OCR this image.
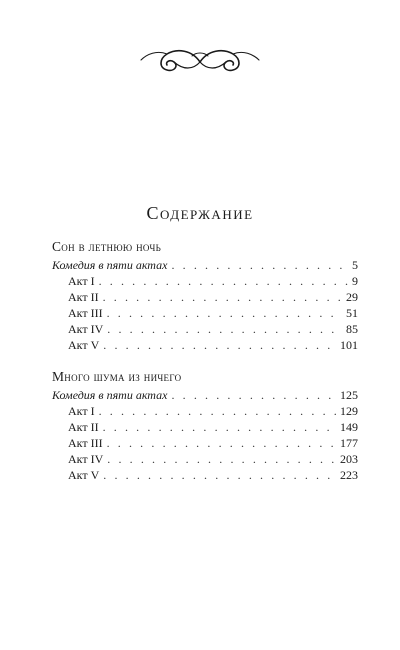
Содержание
Сон в летнюю ночь
Комедия в пяти актах . . .	5
Акт I . . .	9
Акт II . . .	29
Акт III . . .	51
Акт IV . . .	85
Акт V . . .	101
Много шума из ничего
Комедия в пяти актах . . .	125
Акт I . . .	129
Акт II . . .	149
Акт III . . .	177
Акт IV . . .	203
Акт V . . .	223
